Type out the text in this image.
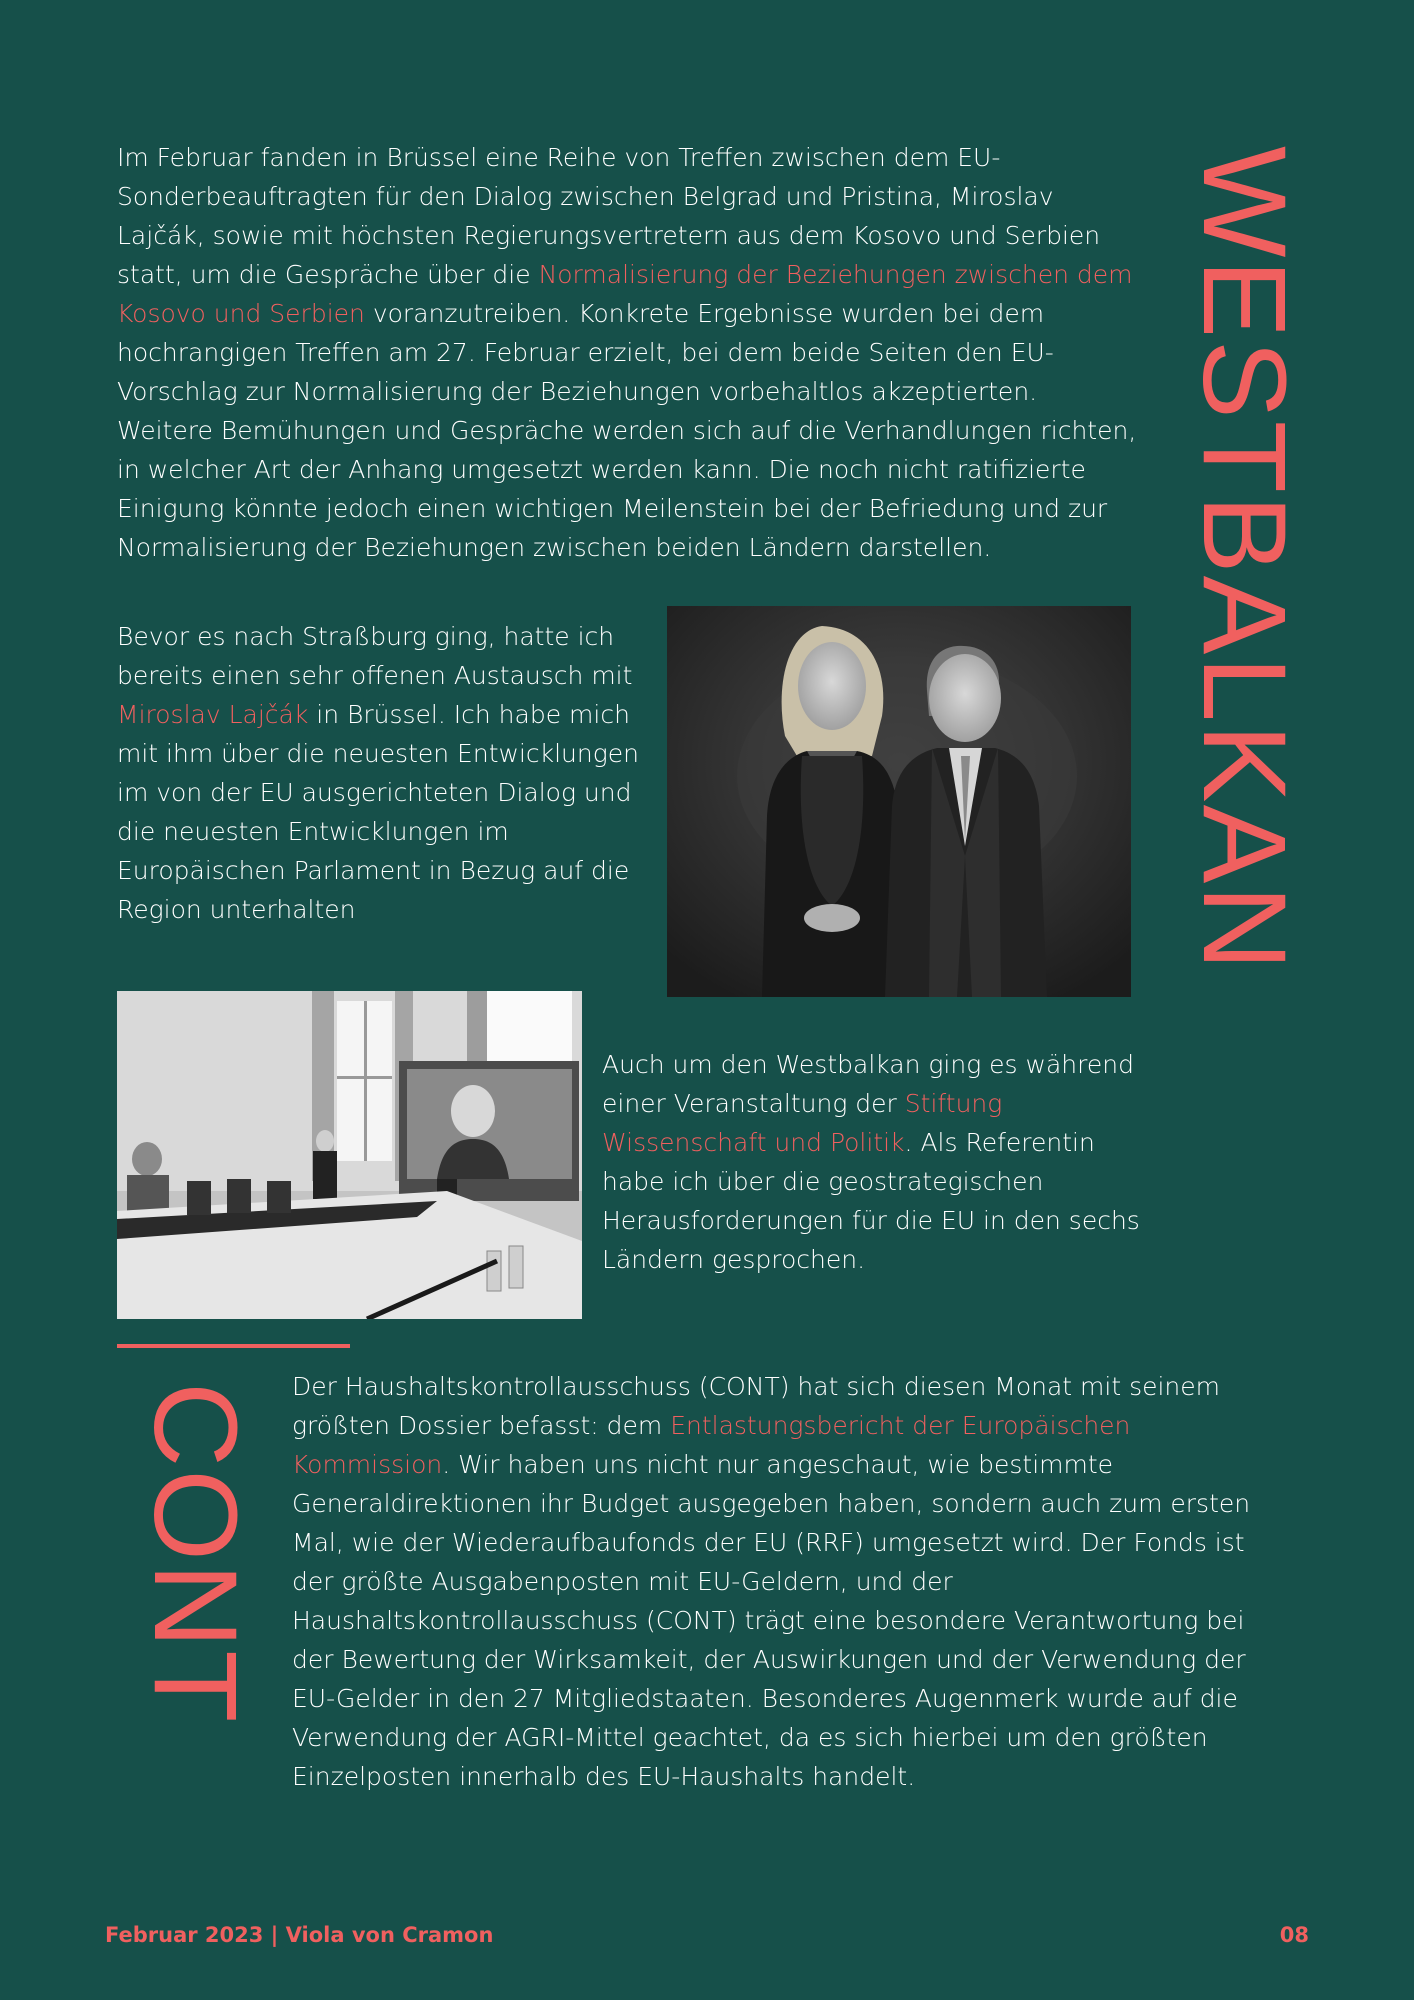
Im Februar fanden in Brüssel eine Reihe von Treffen zwischen dem EU-Sonderbeauftragten für den Dialog zwischen Belgrad und Pristina, Miroslav Lajčák, sowie mit höchsten Regierungsvertretern aus dem Kosovo und Serbien statt, um die Gespräche über die Normalisierung der Beziehungen zwischen dem Kosovo und Serbien voranzutreiben. Konkrete Ergebnisse wurden bei dem hochrangigen Treffen am 27. Februar erzielt, bei dem beide Seiten den EU-Vorschlag zur Normalisierung der Beziehungen vorbehaltlos akzeptierten. Weitere Bemühungen und Gespräche werden sich auf die Verhandlungen richten, in welcher Art der Anhang umgesetzt werden kann. Die noch nicht ratifizierte Einigung könnte jedoch einen wichtigen Meilenstein bei der Befriedung und zur Normalisierung der Beziehungen zwischen beiden Ländern darstellen.	WESTBALKAN

Bevor es nach Straßburg ging, hatte ich bereits einen sehr offenen Austausch mit Miroslav Lajčák in Brüssel. Ich habe mich mit ihm über die neuesten Entwicklungen im von der EU ausgerichteten Dialog und die neuesten Entwicklungen im Europäischen Parlament in Bezug auf die Region unterhalten

Auch um den Westbalkan ging es während einer Veranstaltung der Stiftung Wissenschaft und Politik. Als Referentin habe ich über die geostrategischen Herausforderungen für die EU in den sechs Ländern gesprochen.

CONT Der Haushaltskontrollausschuss (CONT) hat sich diesen Monat mit seinem größten Dossier befasst: dem Entlastungsbericht der Europäischen Kommission. Wir haben uns nicht nur angeschaut, wie bestimmte Generaldirektionen ihr Budget ausgegeben haben, sondern auch zum ersten Mal, wie der Wiederaufbaufonds der EU (RRF) umgesetzt wird. Der Fonds ist der größte Ausgabenposten mit EU-Geldern, und der Haushaltskontrollausschuss (CONT) trägt eine besondere Verantwortung bei der Bewertung der Wirksamkeit, der Auswirkungen und der Verwendung der EU-Gelder in den 27 Mitgliedstaaten. Besonderes Augenmerk wurde auf die Verwendung der AGRI-Mittel geachtet, da es sich hierbei um den größten Einzelposten innerhalb des EU-Haushalts handelt.

Februar 2023 | Viola von Cramon	08
